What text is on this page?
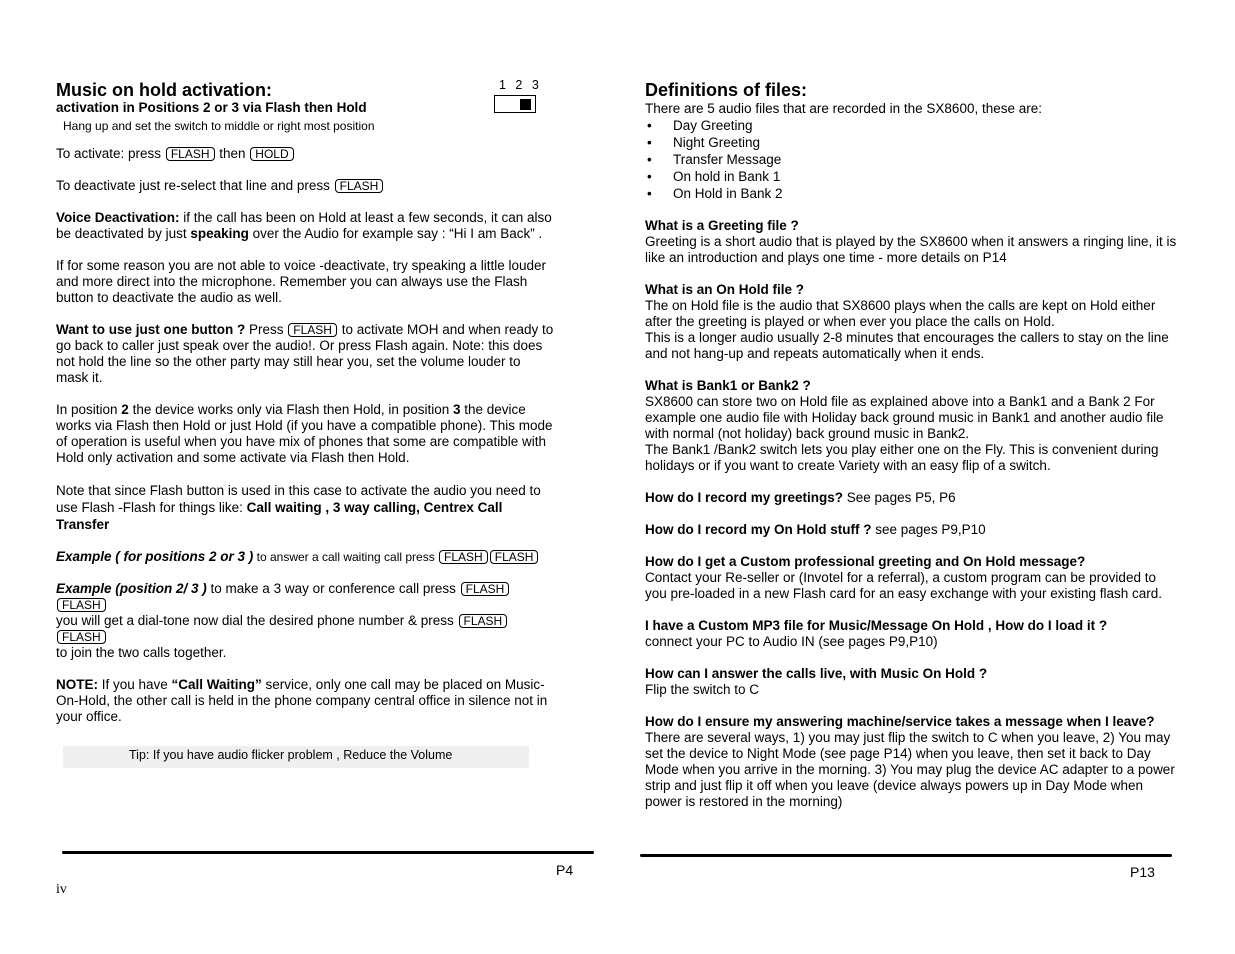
Music on hold activation:

activation in Positions 2 or 3 via Flash then Hold

Hang up and set the switch to middle or right most position

To activate: press FLASH then HOLD

To deactivate just re-select that line and press FLASH

Voice Deactivation: if the call has been on Hold at least a few seconds, it can also be deactivated by just speaking over the Audio for example say : “Hi I am Back” .

If for some reason you are not able to voice -deactivate, try speaking a little louder and more direct into the microphone. Remember you can always use the Flash button to deactivate the audio as well.

Want to use just one button ? Press FLASH to activate MOH and when ready to go back to caller just speak over the audio!. Or press Flash again. Note: this does not hold the line so the other party may still hear you, set the volume louder to mask it.

In position 2 the device works only via Flash then Hold, in position 3 the device works via Flash then Hold or just Hold (if you have a compatible phone). This mode of operation is useful when you have mix of phones that some are compatible with Hold only activation and some activate via Flash then Hold.

Note that since Flash button is used in this case to activate the audio you need to use Flash -Flash for things like: Call waiting , 3 way calling, Centrex Call Transfer

Example ( for positions 2 or 3 ) to answer a call waiting call press FLASH FLASH

Example (position 2/ 3 ) to make a 3 way or conference call press FLASHFLASH
you will get a dial-tone now dial the desired phone number & press FLASHFLASH
to join the two calls together.

NOTE: If you have “Call Waiting” service, only one call may be placed on Music-On-Hold, the other call is held in the phone company central office in silence not in your office.

1 2 3
Tip: If you have audio flicker problem , Reduce the Volume
P4
iv
Definitions of files:

There are 5 audio files that are recorded in the SX8600, these are:

• Day Greeting
• Night Greeting
• Transfer Message
• On hold in Bank 1
• On Hold in Bank 2

What is a Greeting file ?

Greeting is a short audio that is played by the SX8600 when it answers a ringing line, it is like an introduction and plays one time - more details on P14

What is an On Hold file ?

The on Hold file is the audio that SX8600 plays when the calls are kept on Hold either after the greeting is played or when ever you place the calls on Hold.

This is a longer audio usually 2-8 minutes that encourages the callers to stay on the line and not hang-up and repeats automatically when it ends.

What is Bank1 or Bank2 ?

SX8600 can store two on Hold file as explained above into a Bank1 and a Bank 2 For example one audio file with Holiday back ground music in Bank1 and another audio file with normal (not holiday) back ground music in Bank2.

The Bank1 /Bank2 switch lets you play either one on the Fly. This is convenient during holidays or if you want to create Variety with an easy flip of a switch.

How do I record my greetings? See pages P5, P6

How do I record my On Hold stuff ? see pages P9,P10

How do I get a Custom professional greeting and On Hold message?

Contact your Re-seller or (Invotel for a referral), a custom program can be provided to you pre-loaded in a new Flash card for an easy exchange with your existing flash card.

I have a Custom MP3 file for Music/Message On Hold , How do I load it ?

connect your PC to Audio IN (see pages P9,P10)

How can I answer the calls live, with Music On Hold ?

Flip the switch to C

How do I ensure my answering machine/service takes a message when I leave?

There are several ways, 1) you may just flip the switch to C when you leave, 2) You may set the device to Night Mode (see page P14) when you leave, then set it back to Day Mode when you arrive in the morning. 3) You may plug the device AC adapter to a power strip and just flip it off when you leave (device always powers up in Day Mode when power is restored in the morning)

P13
